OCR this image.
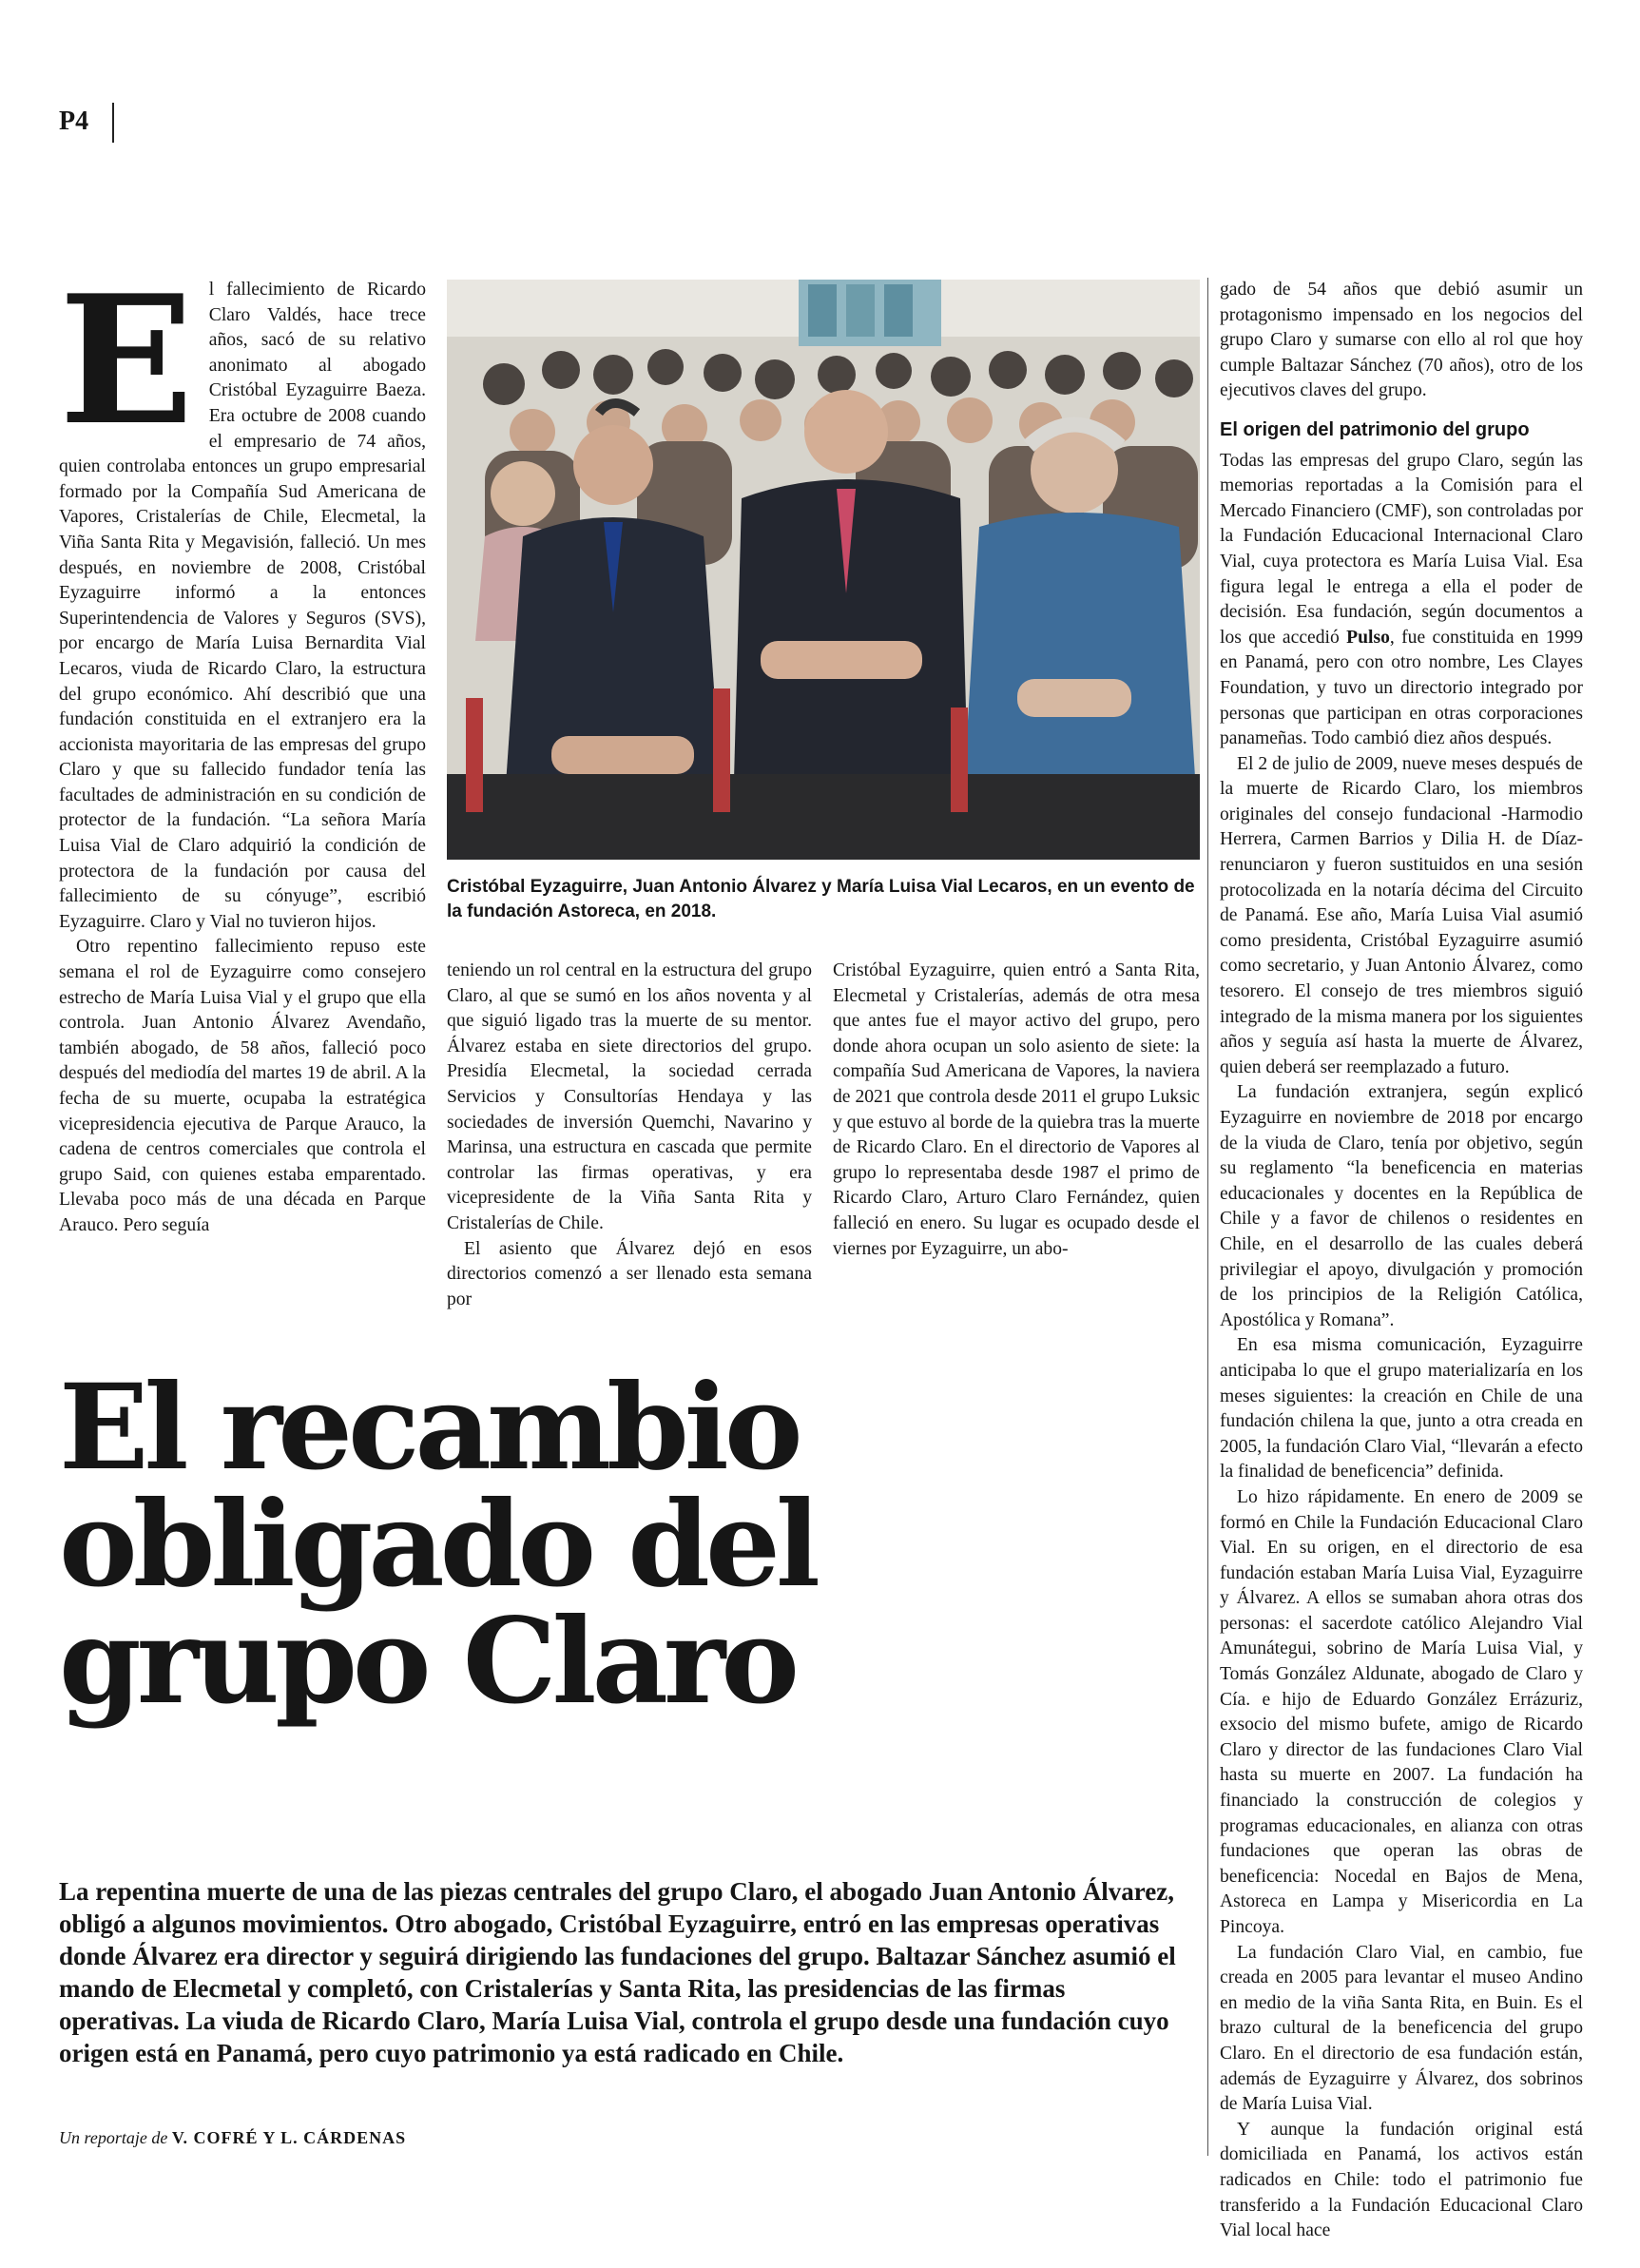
P4
E l fallecimiento de Ricardo Claro Valdés, hace trece años, sacó de su relativo anonimato al abogado Cristóbal Eyzaguirre Baeza. Era octubre de 2008 cuando el empresario de 74 años, quien controlaba entonces un grupo empresarial formado por la Compañía Sud Americana de Vapores, Cristalerías de Chile, Elecmetal, la Viña Santa Rita y Megavisión, falleció. Un mes después, en noviembre de 2008, Cristóbal Eyzaguirre informó a la entonces Superintendencia de Valores y Seguros (SVS), por encargo de María Luisa Bernardita Vial Lecaros, viuda de Ricardo Claro, la estructura del grupo económico. Ahí describió que una fundación constituida en el extranjero era la accionista mayoritaria de las empresas del grupo Claro y que su fallecido fundador tenía las facultades de administración en su condición de protector de la fundación. “La señora María Luisa Vial de Claro adquirió la condición de protectora de la fundación por causa del fallecimiento de su cónyuge”, escribió Eyzaguirre. Claro y Vial no tuvieron hijos.

Otro repentino fallecimiento repuso este semana el rol de Eyzaguirre como consejero estrecho de María Luisa Vial y el grupo que ella controla. Juan Antonio Álvarez Avendaño, también abogado, de 58 años, falleció poco después del mediodía del martes 19 de abril. A la fecha de su muerte, ocupaba la estratégica vicepresidencia ejecutiva de Parque Arauco, la cadena de centros comerciales que controla el grupo Said, con quienes estaba emparentado. Llevaba poco más de una década en Parque Arauco. Pero seguía

Cristóbal Eyzaguirre, Juan Antonio Álvarez y María Luisa Vial Lecaros, en un evento de la fundación Astoreca, en 2018.

teniendo un rol central en la estructura del grupo Claro, al que se sumó en los años noventa y al que siguió ligado tras la muerte de su mentor. Álvarez estaba en siete directorios del grupo. Presidía Elecmetal, la sociedad cerrada Servicios y Consultorías Hendaya y las sociedades de inversión Quemchi, Navarino y Marinsa, una estructura en cascada que permite controlar las firmas operativas, y era vicepresidente de la Viña Santa Rita y Cristalerías de Chile.

El asiento que Álvarez dejó en esos directorios comenzó a ser llenado esta semana por

Cristóbal Eyzaguirre, quien entró a Santa Rita, Elecmetal y Cristalerías, además de otra mesa que antes fue el mayor activo del grupo, pero donde ahora ocupan un solo asiento de siete: la compañía Sud Americana de Vapores, la naviera de 2021 que controla desde 2011 el grupo Luksic y que estuvo al borde de la quiebra tras la muerte de Ricardo Claro. En el directorio de Vapores al grupo lo representaba desde 1987 el primo de Ricardo Claro, Arturo Claro Fernández, quien falleció en enero. Su lugar es ocupado desde el viernes por Eyzaguirre, un abo-

gado de 54 años que debió asumir un protagonismo impensado en los negocios del grupo Claro y sumarse con ello al rol que hoy cumple Baltazar Sánchez (70 años), otro de los ejecutivos claves del grupo.

El origen del patrimonio del grupo

Todas las empresas del grupo Claro, según las memorias reportadas a la Comisión para el Mercado Financiero (CMF), son controladas por la Fundación Educacional Internacional Claro Vial, cuya protectora es María Luisa Vial. Esa figura legal le entrega a ella el poder de decisión. Esa fundación, según documentos a los que accedió Pulso, fue constituida en 1999 en Panamá, pero con otro nombre, Les Clayes Foundation, y tuvo un directorio integrado por personas que participan en otras corporaciones panameñas. Todo cambió diez años después.

El 2 de julio de 2009, nueve meses después de la muerte de Ricardo Claro, los miembros originales del consejo fundacional -Harmodio Herrera, Carmen Barrios y Dilia H. de Díaz- renunciaron y fueron sustituidos en una sesión protocolizada en la notaría décima del Circuito de Panamá. Ese año, María Luisa Vial asumió como presidenta, Cristóbal Eyzaguirre asumió como secretario, y Juan Antonio Álvarez, como tesorero. El consejo de tres miembros siguió integrado de la misma manera por los siguientes años y seguía así hasta la muerte de Álvarez, quien deberá ser reemplazado a futuro.

La fundación extranjera, según explicó Eyzaguirre en noviembre de 2018 por encargo de la viuda de Claro, tenía por objetivo, según su reglamento “la beneficencia en materias educacionales y docentes en la República de Chile y a favor de chilenos o residentes en Chile, en el desarrollo de las cuales deberá privilegiar el apoyo, divulgación y promoción de los principios de la Religión Católica, Apostólica y Romana”.

En esa misma comunicación, Eyzaguirre anticipaba lo que el grupo materializaría en los meses siguientes: la creación en Chile de una fundación chilena la que, junto a otra creada en 2005, la fundación Claro Vial, “llevarán a efecto la finalidad de beneficencia” definida.

Lo hizo rápidamente. En enero de 2009 se formó en Chile la Fundación Educacional Claro Vial. En su origen, en el directorio de esa fundación estaban María Luisa Vial, Eyzaguirre y Álvarez. A ellos se sumaban ahora otras dos personas: el sacerdote católico Alejandro Vial Amunátegui, sobrino de María Luisa Vial, y Tomás González Aldunate, abogado de Claro y Cía. e hijo de Eduardo González Errázuriz, exsocio del mismo bufete, amigo de Ricardo Claro y director de las fundaciones Claro Vial hasta su muerte en 2007. La fundación ha financiado la construcción de colegios y programas educacionales, en alianza con otras fundaciones que operan las obras de beneficencia: Nocedal en Bajos de Mena, Astoreca en Lampa y Misericordia en La Pincoya.

La fundación Claro Vial, en cambio, fue creada en 2005 para levantar el museo Andino en medio de la viña Santa Rita, en Buin. Es el brazo cultural de la beneficencia del grupo Claro. En el directorio de esa fundación están, además de Eyzaguirre y Álvarez, dos sobrinos de María Luisa Vial.

Y aunque la fundación original está domiciliada en Panamá, los activos están radicados en Chile: todo el patrimonio fue transferido a la Fundación Educacional Claro Vial local hace

El recambio
obligado del
grupo Claro
La repentina muerte de una de las piezas centrales del grupo Claro, el abogado Juan Antonio Álvarez, obligó a algunos movimientos. Otro abogado, Cristóbal Eyzaguirre, entró en las empresas operativas donde Álvarez era director y seguirá dirigiendo las fundaciones del grupo. Baltazar Sánchez asumió el mando de Elecmetal y completó, con Cristalerías y Santa Rita, las presidencias de las firmas operativas. La viuda de Ricardo Claro, María Luisa Vial, controla el grupo desde una fundación cuyo origen está en Panamá, pero cuyo patrimonio ya está radicado en Chile.
Un reportaje de V. COFRÉ Y L. CÁRDENAS
